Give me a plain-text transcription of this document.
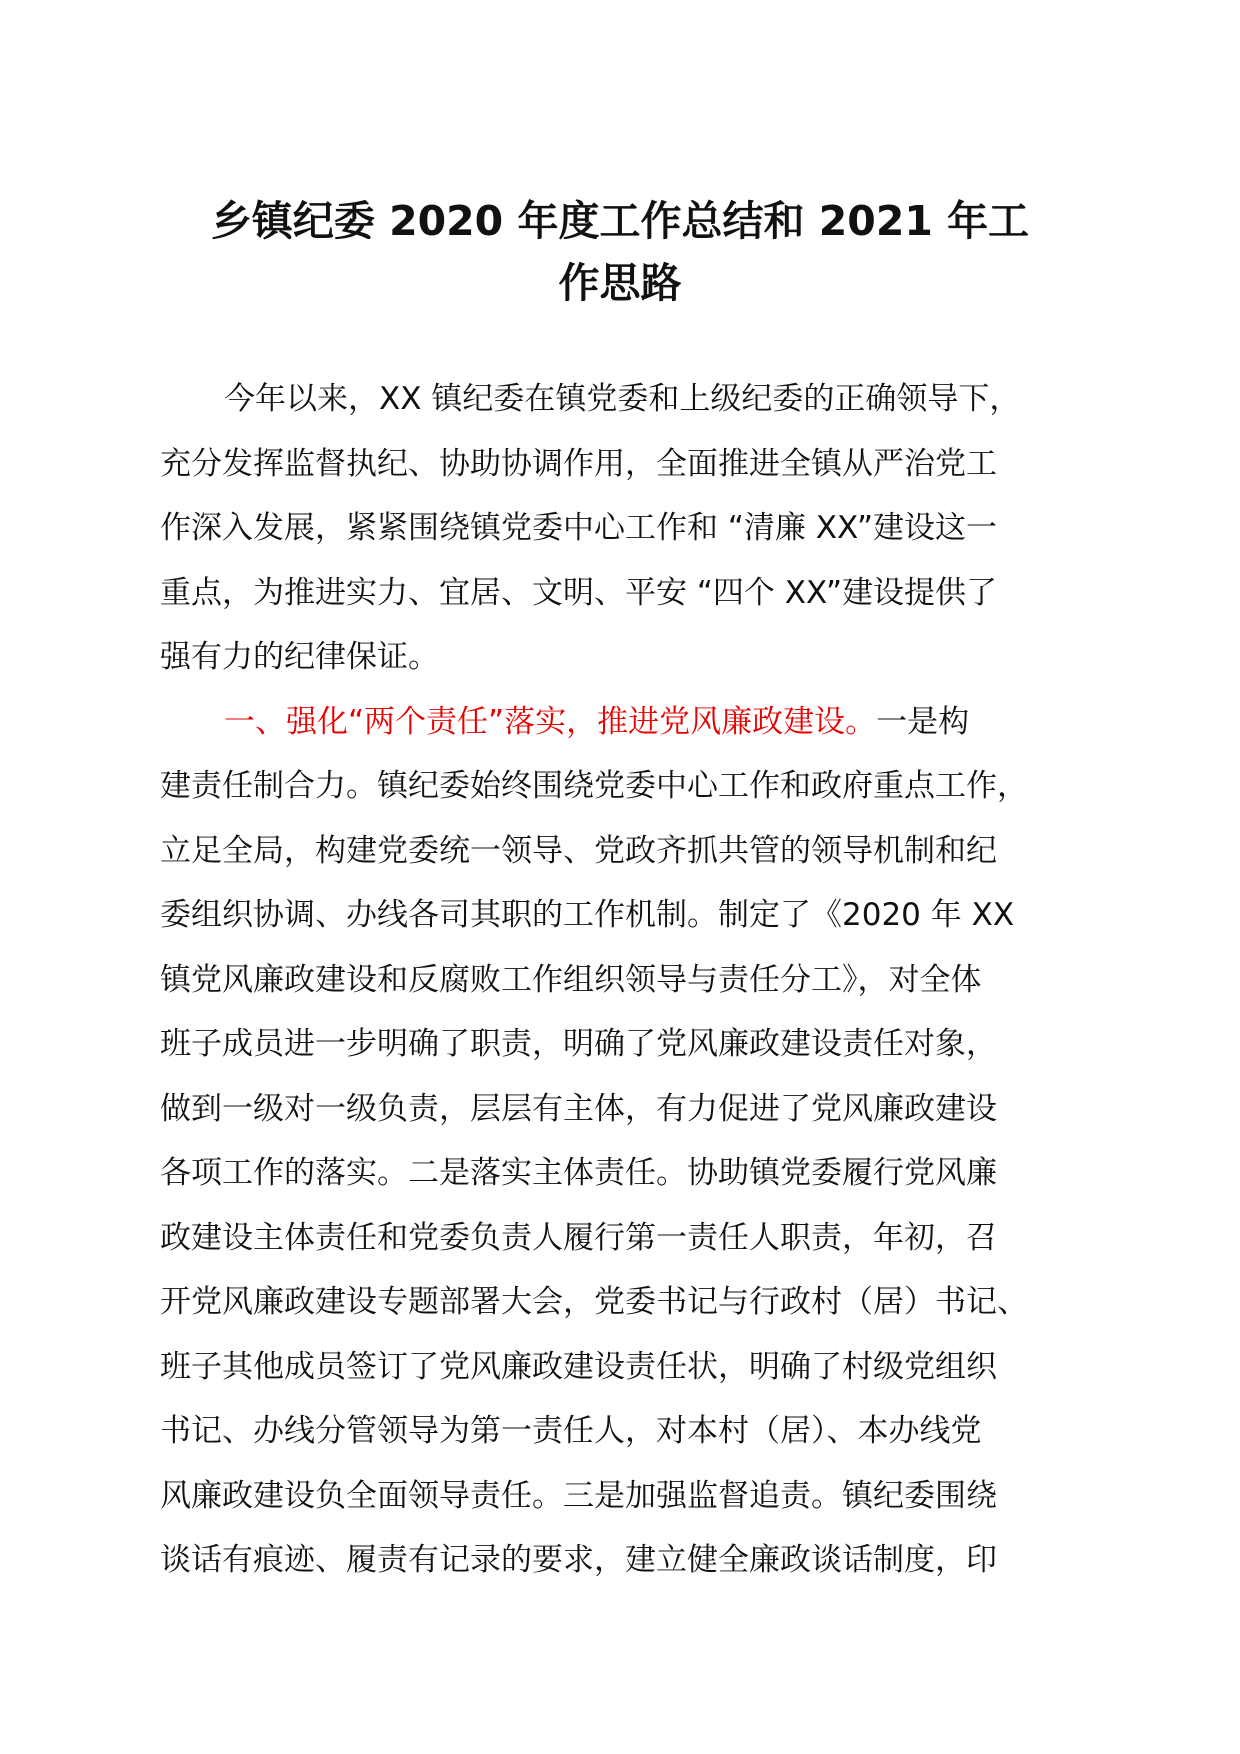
乡镇纪委 2020 年度工作总结和 2021 年工
作思路
今年以来，XX 镇纪委在镇党委和上级纪委的正确领导下，
充分发挥监督执纪、协助协调作用，全面推进全镇从严治党工
作深入发展，紧紧围绕镇党委中心工作和 “清廉 XX”建设这一
重点，为推进实力、宜居、文明、平安 “四个 XX”建设提供了
强有力的纪律保证。
一、强化“两个责任”落实，推进党风廉政建设。一是构
建责任制合力。镇纪委始终围绕党委中心工作和政府重点工作，
立足全局，构建党委统一领导、党政齐抓共管的领导机制和纪
委组织协调、办线各司其职的工作机制。制定了《2020 年 XX
镇党风廉政建设和反腐败工作组织领导与责任分工》，对全体
班子成员进一步明确了职责，明确了党风廉政建设责任对象，
做到一级对一级负责，层层有主体，有力促进了党风廉政建设
各项工作的落实。二是落实主体责任。协助镇党委履行党风廉
政建设主体责任和党委负责人履行第一责任人职责，年初，召
开党风廉政建设专题部署大会，党委书记与行政村（居）书记、
班子其他成员签订了党风廉政建设责任状，明确了村级党组织
书记、办线分管领导为第一责任人，对本村（居）、本办线党
风廉政建设负全面领导责任。三是加强监督追责。镇纪委围绕
谈话有痕迹、履责有记录的要求，建立健全廉政谈话制度，印
